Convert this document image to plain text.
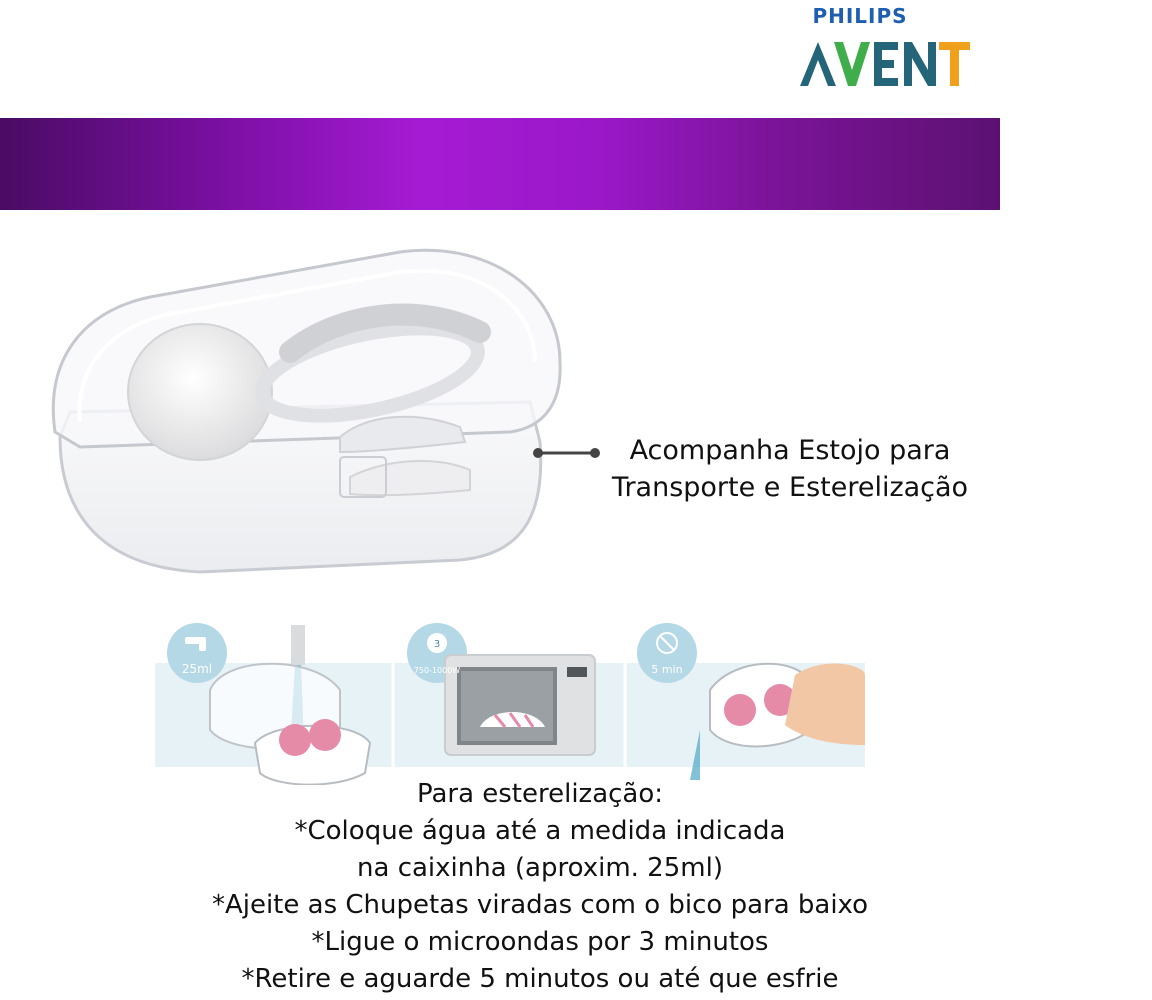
PHILIPS
Acompanha Estojo para
Transporte e Esterelização
25ml
3
750-1000W	5 min
Para esterelização:
*Coloque água até a medida indicada
na caixinha (aproxim. 25ml)
*Ajeite as Chupetas viradas com o bico para baixo
*Ligue o microondas por 3 minutos
*Retire e aguarde 5 minutos ou até que esfrie
